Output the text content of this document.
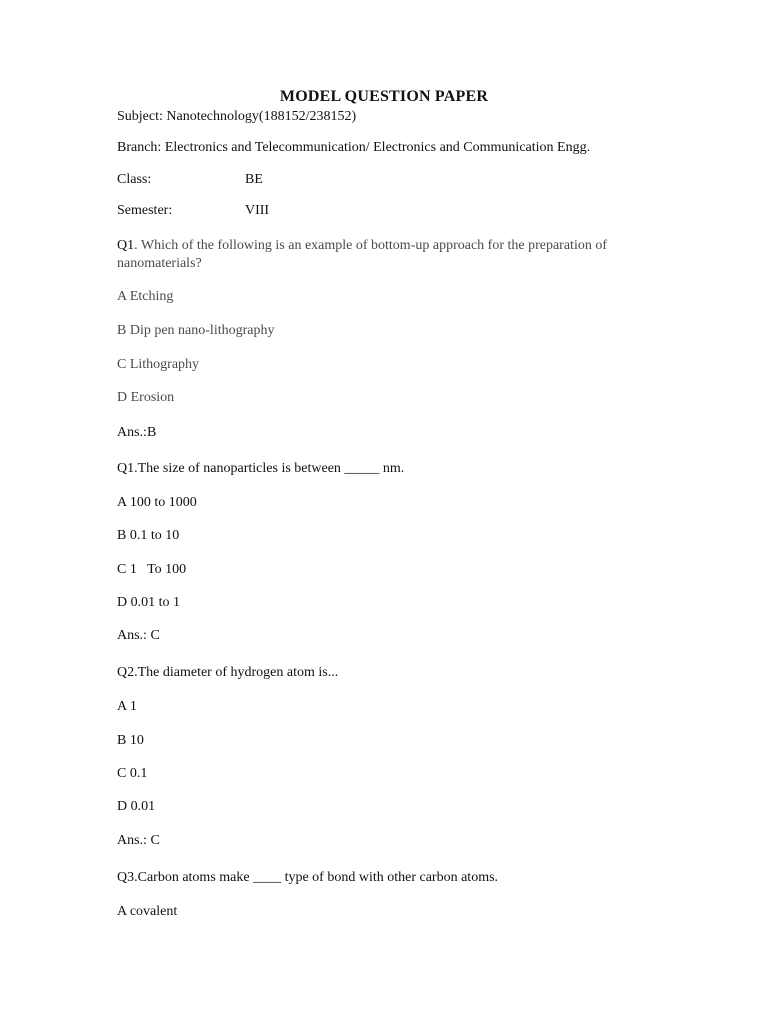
MODEL QUESTION PAPER
Subject: Nanotechnology(188152/238152)
Branch: Electronics and Telecommunication/ Electronics and Communication Engg.
Class:	BE
Semester:	VIII
Q1. Which of the following is an example of bottom-up approach for the preparation of nanomaterials?
A Etching
B Dip pen nano-lithography
C Lithography
D Erosion
Ans.:B
Q1.The size of nanoparticles is between _____ nm.
A 100 to 1000
B 0.1 to 10
C 1   To 100
D 0.01 to 1
Ans.: C
Q2.The diameter of hydrogen atom is...
A 1
B 10
C 0.1
D 0.01
Ans.: C
Q3.Carbon atoms make ____ type of bond with other carbon atoms.
A covalent
